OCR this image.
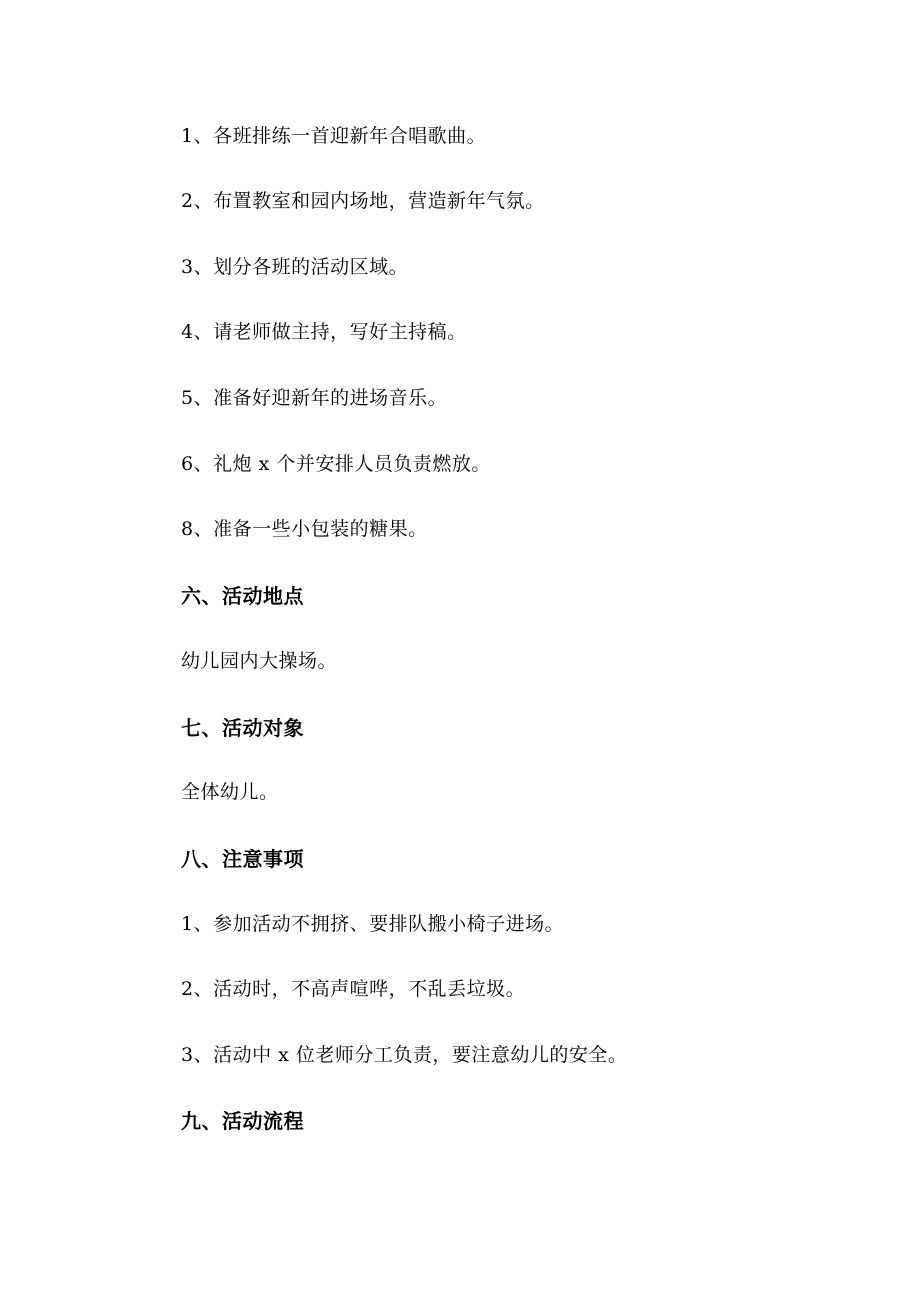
1、各班排练一首迎新年合唱歌曲。
2、布置教室和园内场地，营造新年气氛。
3、划分各班的活动区域。
4、请老师做主持，写好主持稿。
5、准备好迎新年的进场音乐。
6、礼炮 x 个并安排人员负责燃放。
8、准备一些小包装的糖果。
六、活动地点
幼儿园内大操场。
七、活动对象
全体幼儿。
八、注意事项
1、参加活动不拥挤、要排队搬小椅子进场。
2、活动时，不高声喧哗，不乱丢垃圾。
3、活动中 x 位老师分工负责，要注意幼儿的安全。
九、活动流程
